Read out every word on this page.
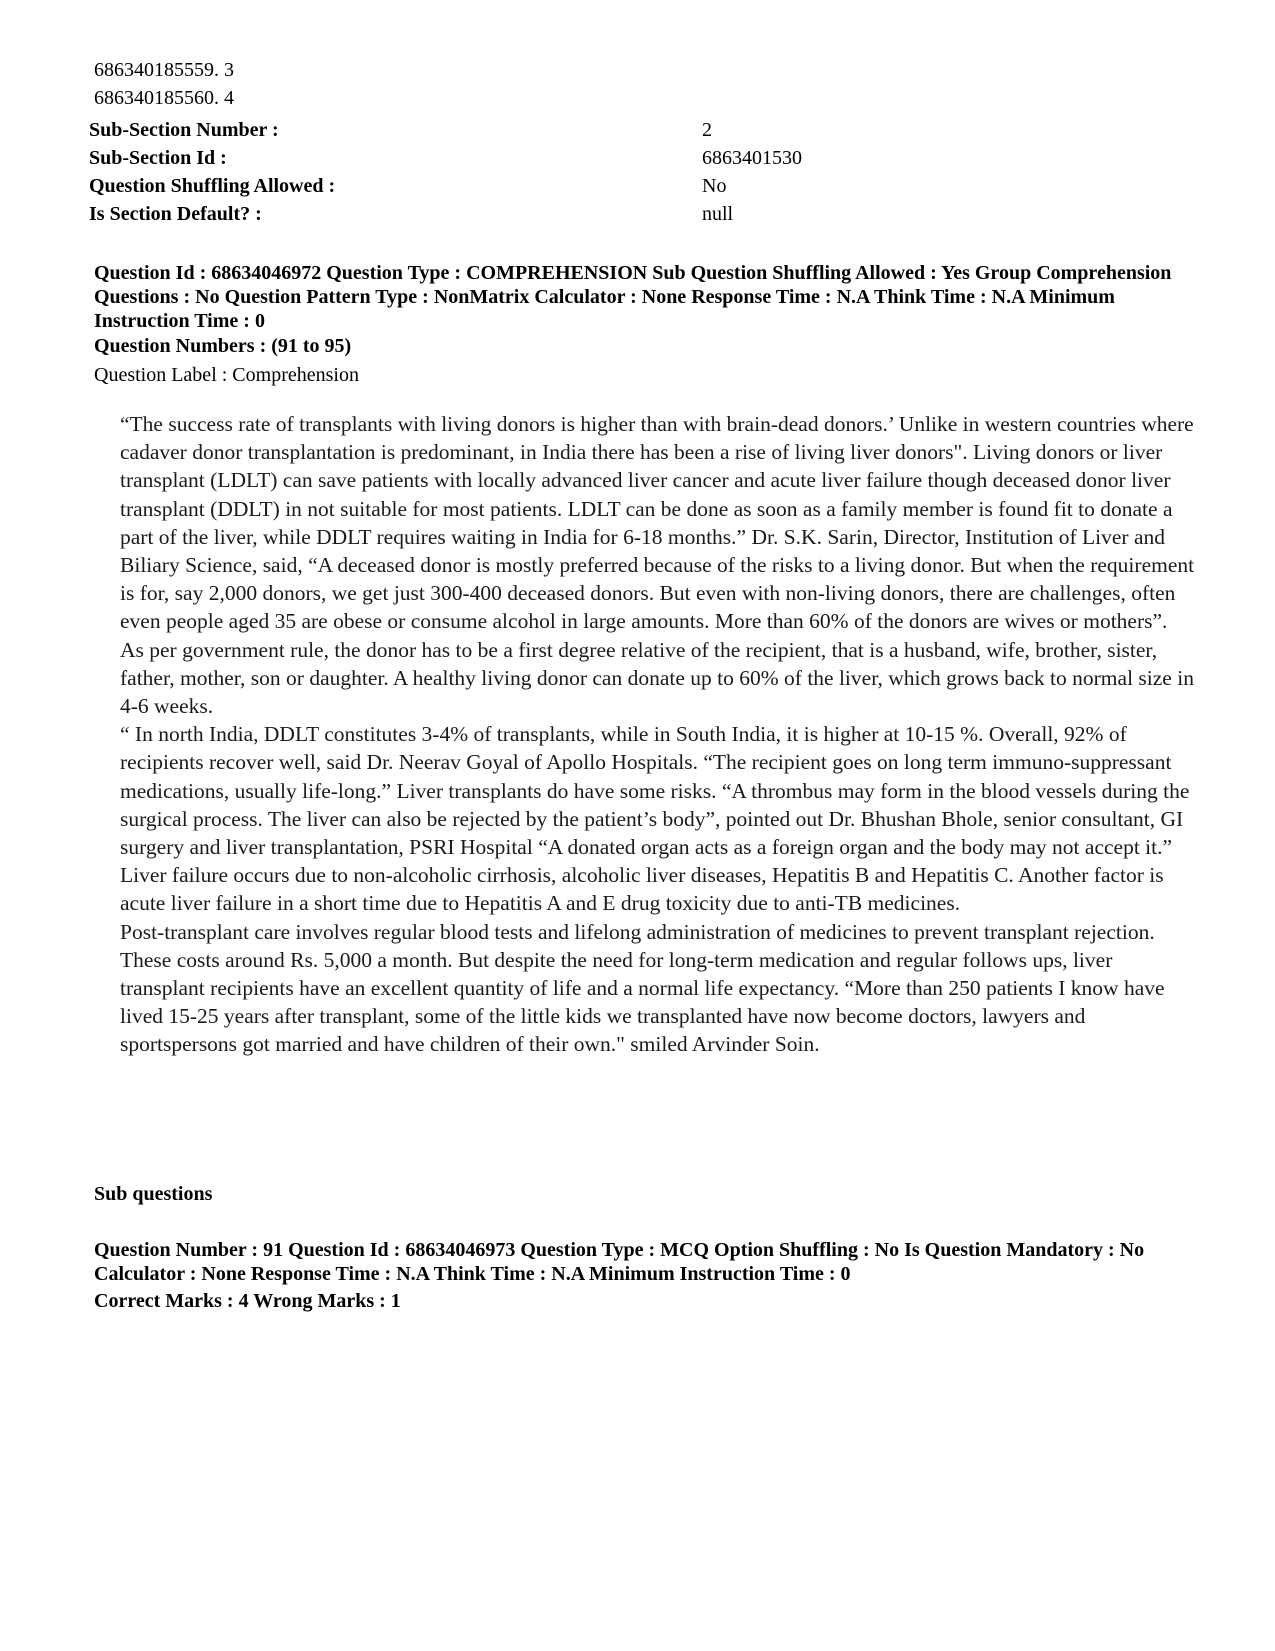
686340185559. 3
686340185560. 4
Sub-Section Number :	2
Sub-Section Id :	6863401530
Question Shuffling Allowed :	No
Is Section Default? :	null
Question Id : 68634046972 Question Type : COMPREHENSION Sub Question Shuffling Allowed : Yes Group Comprehension Questions : No Question Pattern Type : NonMatrix Calculator : None Response Time : N.A Think Time : N.A Minimum Instruction Time : 0
Question Numbers : (91 to 95)
Question Label : Comprehension

“The success rate of transplants with living donors is higher than with brain-dead donors.’ Unlike in western countries where cadaver donor transplantation is predominant, in India there has been a rise of living liver donors". Living donors or liver transplant (LDLT) can save patients with locally advanced liver cancer and acute liver failure though deceased donor liver transplant (DDLT) in not suitable for most patients. LDLT can be done as soon as a family member is found fit to donate a part of the liver, while DDLT requires waiting in India for 6-18 months.” Dr. S.K. Sarin, Director, Institution of Liver and Biliary Science, said, “A deceased donor is mostly preferred because of the risks to a living donor. But when the requirement is for, say 2,000 donors, we get just 300-400 deceased donors. But even with non-living donors, there are challenges, often even people aged 35 are obese or consume alcohol in large amounts. More than 60% of the donors are wives or mothers”.

As per government rule, the donor has to be a first degree relative of the recipient, that is a husband, wife, brother, sister, father, mother, son or daughter. A healthy living donor can donate up to 60% of the liver, which grows back to normal size in 4-6 weeks.

“ In north India, DDLT constitutes 3-4% of transplants, while in South India, it is higher at 10-15 %. Overall, 92% of recipients recover well, said Dr. Neerav Goyal of Apollo Hospitals. “The recipient goes on long term immuno-suppressant medications, usually life-long.” Liver transplants do have some risks. “A thrombus may form in the blood vessels during the surgical process. The liver can also be rejected by the patient’s body”, pointed out Dr. Bhushan Bhole, senior consultant, GI surgery and liver transplantation, PSRI Hospital “A donated organ acts as a foreign organ and the body may not accept it.”

Liver failure occurs due to non-alcoholic cirrhosis, alcoholic liver diseases, Hepatitis B and Hepatitis C. Another factor is acute liver failure in a short time due to Hepatitis A and E drug toxicity due to anti-TB medicines.

Post-transplant care involves regular blood tests and lifelong administration of medicines to prevent transplant rejection. These costs around Rs. 5,000 a month. But despite the need for long-term medication and regular follows ups, liver transplant recipients have an excellent quantity of life and a normal life expectancy. “More than 250 patients I know have lived 15-25 years after transplant, some of the little kids we transplanted have now become doctors, lawyers and sportspersons got married and have children of their own." smiled Arvinder Soin.

Sub questions
Question Number : 91 Question Id : 68634046973 Question Type : MCQ Option Shuffling : No Is Question Mandatory : No Calculator : None Response Time : N.A Think Time : N.A Minimum Instruction Time : 0
Correct Marks : 4 Wrong Marks : 1
